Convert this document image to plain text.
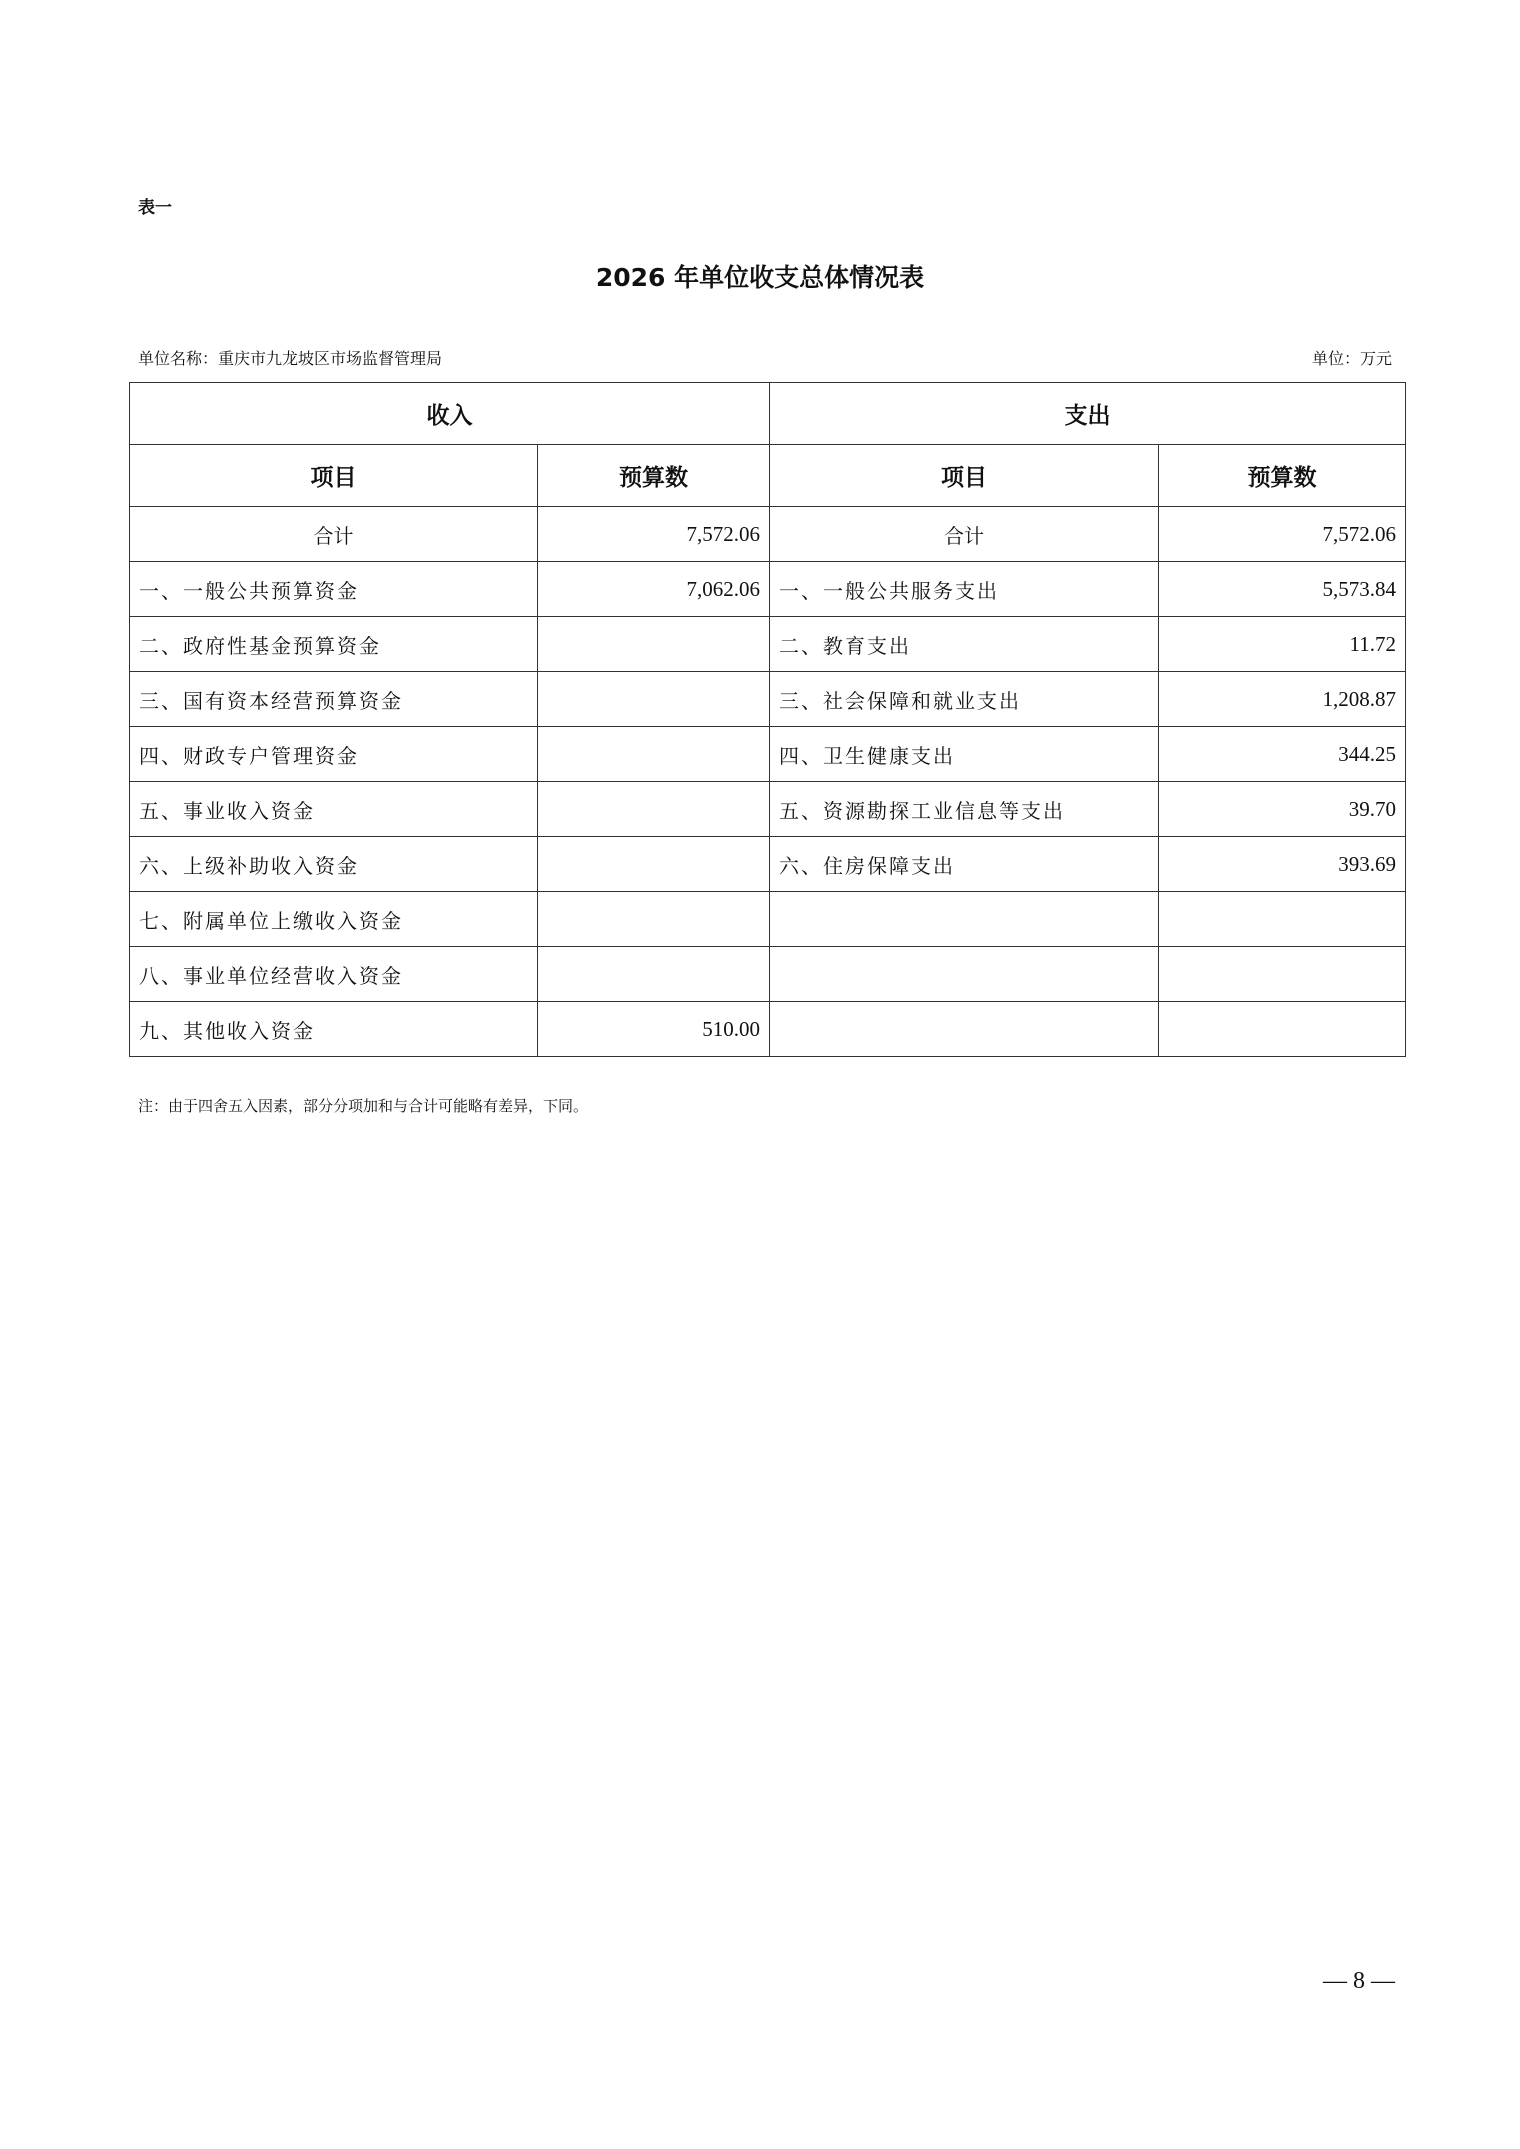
表一
2026 年单位收支总体情况表
单位名称：重庆市九龙坡区市场监督管理局	单位：万元
收入		支出	
项目	预算数	项目	预算数
合计	7,572.06	合计	7,572.06
一、一般公共预算资金	7,062.06	一、一般公共服务支出	5,573.84
二、政府性基金预算资金		二、教育支出	11.72
三、国有资本经营预算资金		三、社会保障和就业支出	1,208.87
四、财政专户管理资金		四、卫生健康支出	344.25
五、事业收入资金		五、资源勘探工业信息等支出	39.70
六、上级补助收入资金		六、住房保障支出	393.69
七、附属单位上缴收入资金			
八、事业单位经营收入资金			
九、其他收入资金	510.00		
注：由于四舍五入因素，部分分项加和与合计可能略有差异，下同。
— 8 —
